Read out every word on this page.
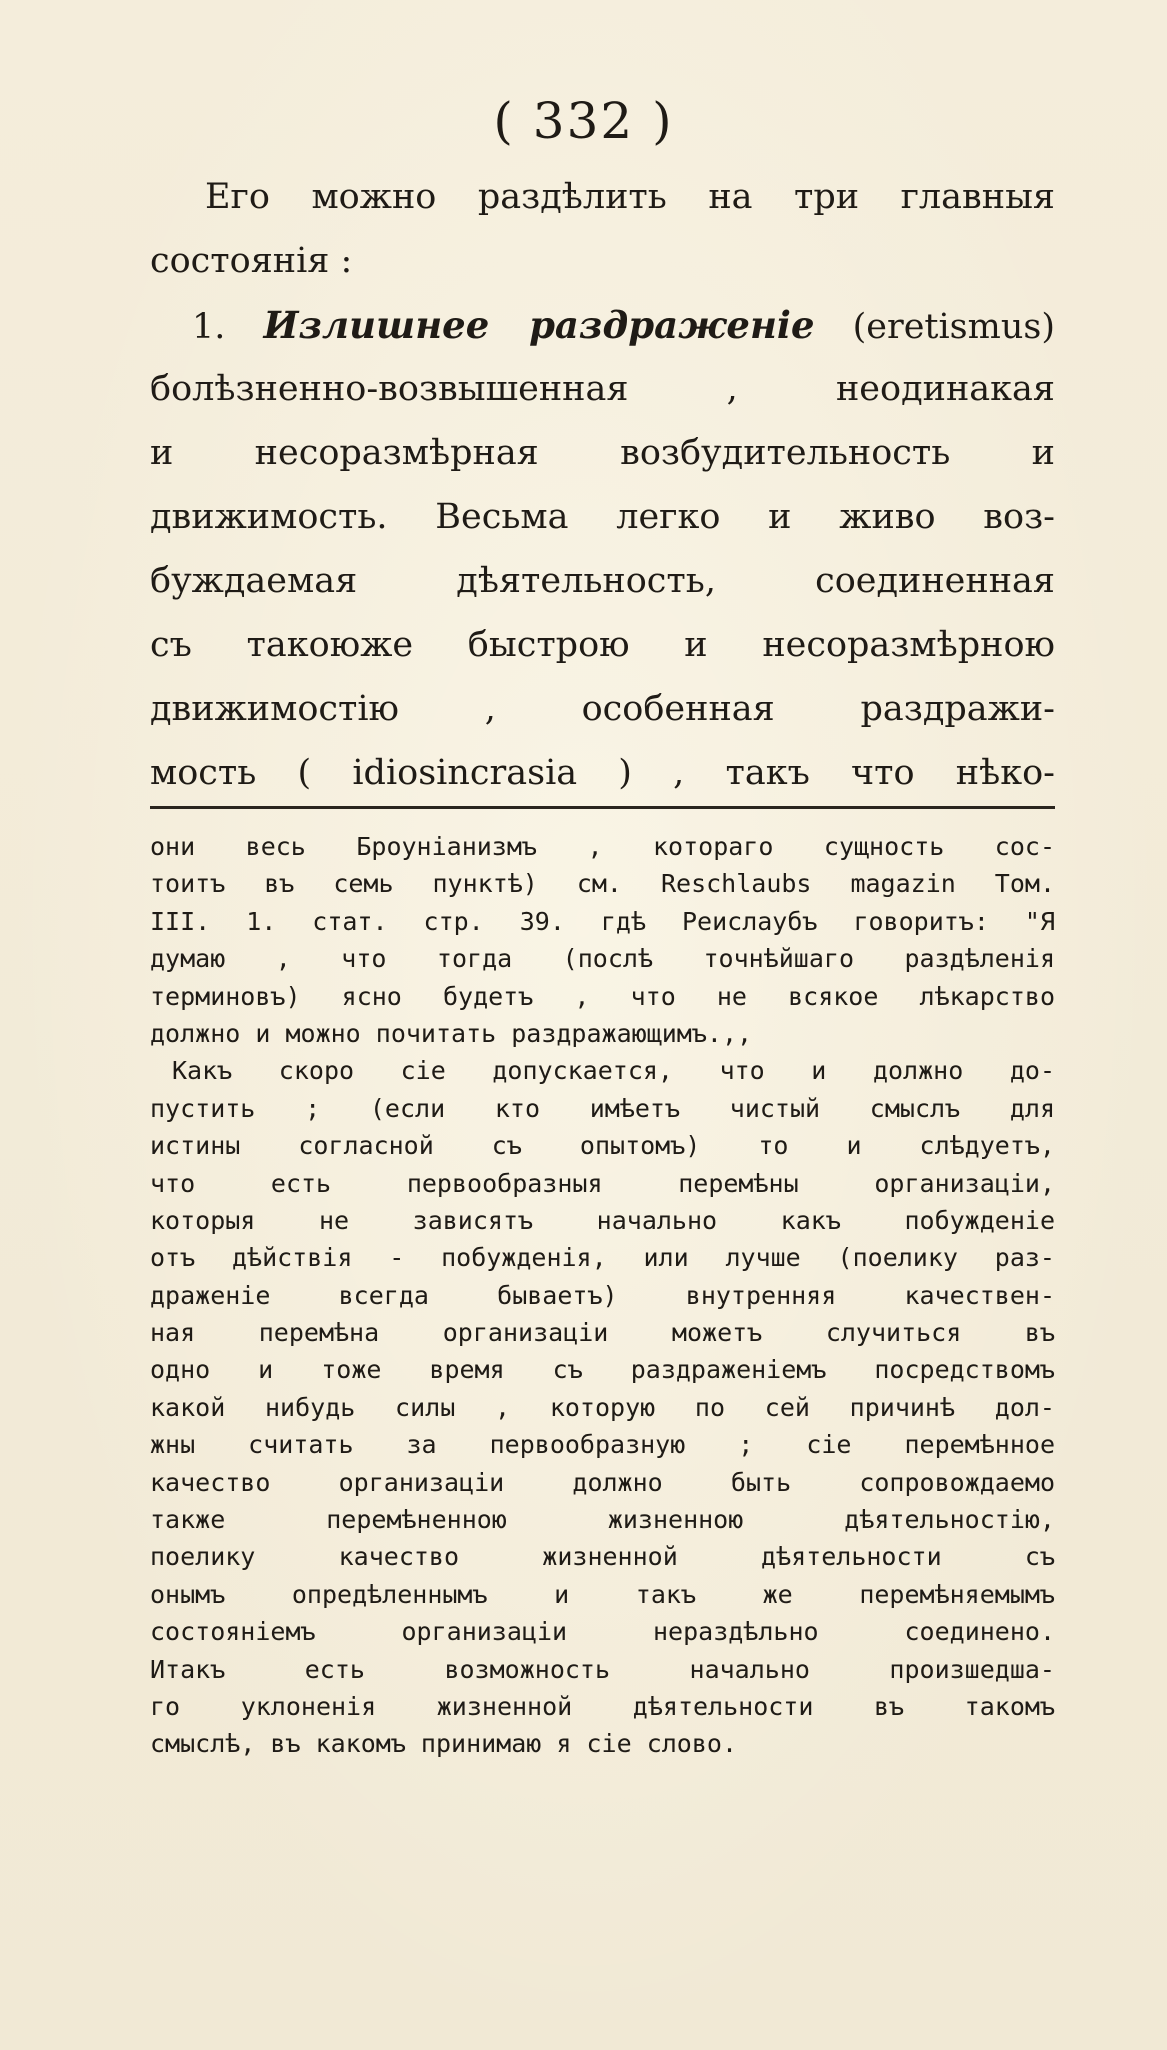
( 332 )
Его можно раздѣлить на три главныя
состоянія :
1. Излишнее раздраженіе (eretismus)
болѣзненно-возвышенная , неодинакая
и несоразмѣрная возбудительность и
движимость. Весьма легко и живо воз-
буждаемая дѣятельность, соединенная
съ такоюже быстрою и несоразмѣрною
движимостію , особенная раздражи-
мость ( idiosincrasia ) , такъ что нѣко-
они весь Броуніанизмъ , котораго сущность сос-
тоитъ въ семь пунктѣ) см. Reschlaubs magazin Том.
III. 1. стат. стр. 39. гдѣ Реислаубъ говоритъ: "Я
думаю , что тогда (послѣ точнѣйшаго раздѣленія
терминовъ) ясно будетъ , что не всякое лѣкарство
должно и можно почитать раздражающимъ.,,
Какъ скоро сіе допускается, что и должно до-
пустить ; (если кто имѣетъ чистый смыслъ для
истины согласной съ опытомъ) то и слѣдуетъ,
что есть первообразныя перемѣны организаціи,
которыя не зависятъ начально какъ побужденіе
отъ дѣйствія - побужденія, или лучше (поелику раз-
драженіе всегда бываетъ) внутренняя качествен-
ная перемѣна организаціи можетъ случиться въ
одно и тоже время съ раздраженіемъ посредствомъ
какой нибудь силы , которую по сей причинѣ дол-
жны считать за первообразную ; сіе перемѣнное
качество организаціи должно быть сопровождаемо
также перемѣненною жизненною дѣятельностію,
поелику качество жизненной дѣятельности съ
онымъ опредѣленнымъ и такъ же перемѣняемымъ
состояніемъ организаціи нераздѣльно соединено.
Итакъ есть возможность начально произшедша-
го уклоненія жизненной дѣятельности въ такомъ
смыслѣ, въ какомъ принимаю я сіе слово.
